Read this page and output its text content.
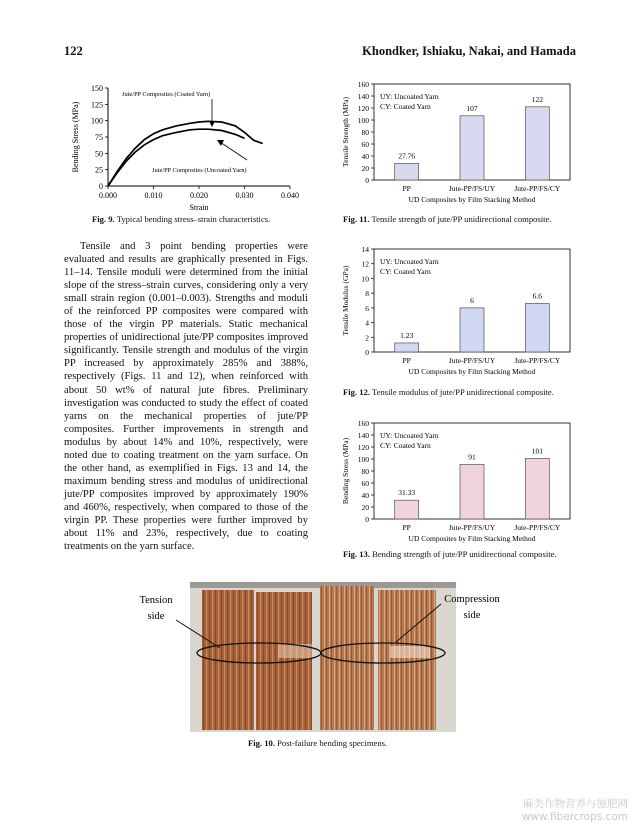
122	Khondker, Ishiaku, Nakai, and Hamada
0
25
50
75
100
125
150
0.000	0.010	0.020	0.030	0.040
Strain
Bending Stress (MPa)
Jute/PP Composites (Coated Yarn)
Jute/PP Composites (Uncoated Yarn)
Fig. 9. Typical bending stress–strain characteristics.
0
20
40
60
80
100
120
140
160
27.76
PP
107
Jute-PP/FS/UY
122
Jute-PP/FS/CY
UD Composites by Film Stacking Method
Tensile Strength (MPa)
UY: Uncoated Yarn
CY: Coated Yarn
Fig. 11. Tensile strength of jute/PP unidirectional composite.
0
2
4
6
8
10
12
14
1.23
PP
6
Jute-PP/FS/UY
6.6
Jute-PP/FS/CY
UD Composites by Film Stacking Method
Tensile Modulus (GPa)
UY: Uncoated Yarn
CY: Coated Yarn
Fig. 12. Tensile modulus of jute/PP unidirectional composite.
0
20
40
60
80
100
120
140
160
31.33
PP
91
Jute-PP/FS/UY
101
Jute-PP/FS/CY
UD Composites by Film Stacking Method
Bending Stress (MPa)
UY: Uncoated Yarn
CY: Coated Yarn
Fig. 13. Bending strength of jute/PP unidirectional composite.

Tensile and 3 point bending properties were evaluated and results are graphically presented in Figs. 11–14. Tensile moduli were determined from the initial slope of the stress–strain curves, considering only a very small strain region (0.001–0.003). Strengths and moduli of the reinforced PP composites were compared with those of the virgin PP materials. Static mechanical properties of unidirectional jute/PP composites improved significantly. Tensile strength and modulus of the virgin PP increased by approximately 285% and 388%, respectively (Figs. 11 and 12), when reinforced with about 50 wt% of natural jute fibres. Preliminary investigation was conducted to study the effect of coated yarns on the mechanical properties of jute/PP composites. Further improvements in strength and modulus by about 14% and 10%, respectively, were noted due to coating treatment on the yarn surface. On the other hand, as exemplified in Figs. 13 and 14, the maximum bending stress and modulus of unidirectional jute/PP composites improved by approximately 190% and 460%, respectively, when compared to those of the virgin PP. These properties were further improved by about 11% and 23%, respectively, due to coating treatments on the yarn surface.

Tension
side
Compression
side
Fig. 10. Post-failure bending specimens.
麻类作物营养与施肥网
www.fibercrops.com
